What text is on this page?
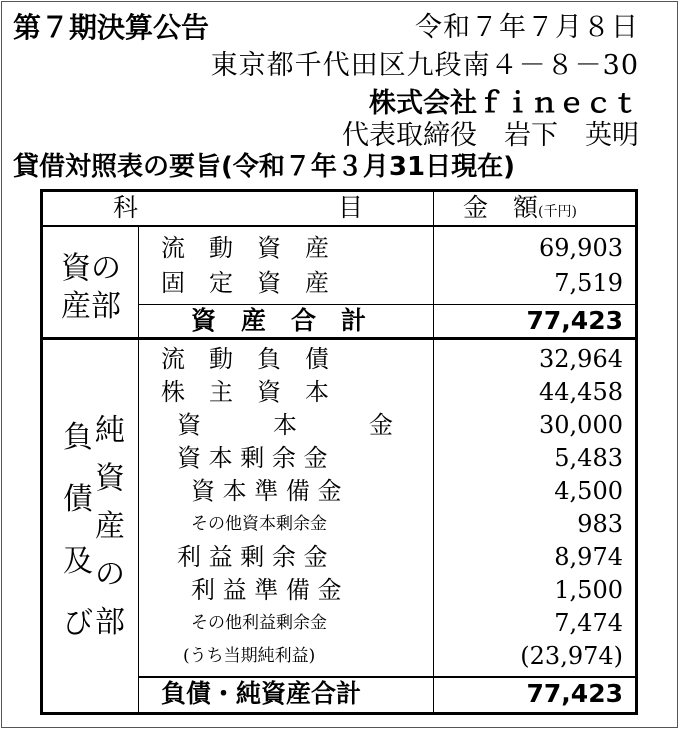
第７期決算公告	令和７年７月８日
東京都千代田区九段南４－８－30
株式会社ｆｉｎｅｃｔ
代表取締役　岩下　英明
貸借対照表の要旨(令和７年３月31日現在)
科　　　　　　　　目	金　額(千円)
資の
産部
流　動　資　産	69,903
固　定　資　産	7,519
資　産　合　計	77,423
負
債
及
び
純
資
産
の
部
流　動　負　債	32,964
株　主　資　本	44,458
資　　　本　　　金	30,000
資 本 剰 余 金	5,483
資 本 準 備 金	4,500
その他資本剰余金	983
利 益 剰 余 金	8,974
利 益 準 備 金	1,500
その他利益剰余金	7,474
(うち当期純利益)	(23,974)
負債・純資産合計	77,423
